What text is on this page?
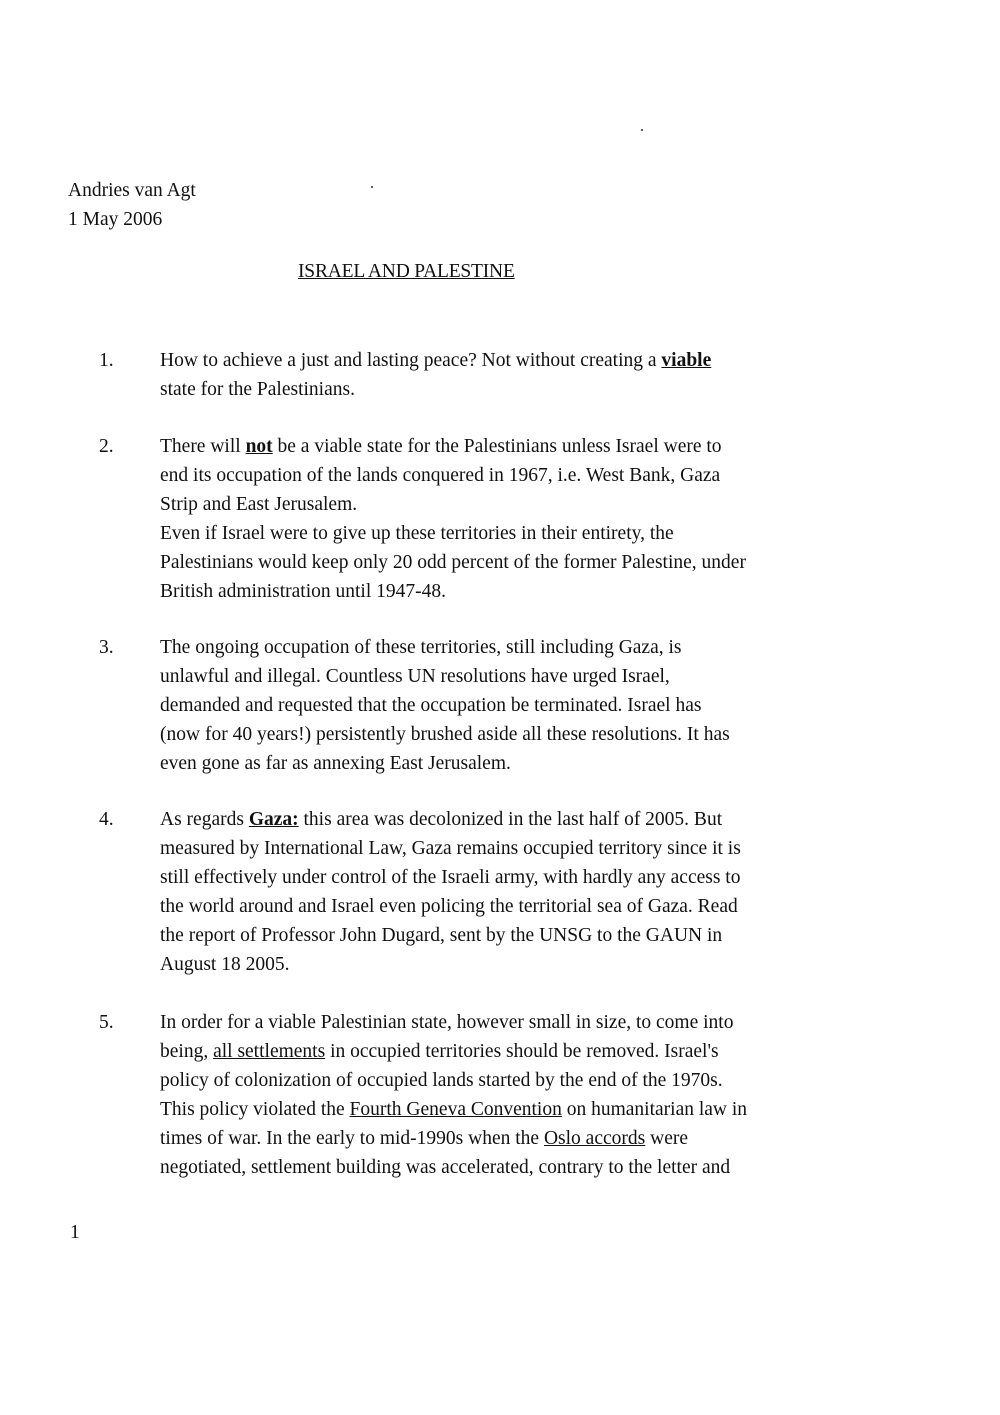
Andries van Agt
1 May 2006
ISRAEL AND PALESTINE
1. How to achieve a just and lasting peace? Not without creating a viable
state for the Palestinians.
2. There will not be a viable state for the Palestinians unless Israel were to
end its occupation of the lands conquered in 1967, i.e. West Bank, Gaza
Strip and East Jerusalem.
Even if Israel were to give up these territories in their entirety, the
Palestinians would keep only 20 odd percent of the former Palestine, under
British administration until 1947-48.
3. The ongoing occupation of these territories, still including Gaza, is
unlawful and illegal. Countless UN resolutions have urged Israel,
demanded and requested that the occupation be terminated. Israel has
(now for 40 years!) persistently brushed aside all these resolutions. It has
even gone as far as annexing East Jerusalem.
4. As regards Gaza: this area was decolonized in the last half of 2005. But
measured by International Law, Gaza remains occupied territory since it is
still effectively under control of the Israeli army, with hardly any access to
the world around and Israel even policing the territorial sea of Gaza. Read
the report of Professor John Dugard, sent by the UNSG to the GAUN in
August 18 2005.
5. In order for a viable Palestinian state, however small in size, to come into
being, all settlements in occupied territories should be removed. Israel's
policy of colonization of occupied lands started by the end of the 1970s.
This policy violated the Fourth Geneva Convention on humanitarian law in
times of war. In the early to mid-1990s when the Oslo accords were
negotiated, settlement building was accelerated, contrary to the letter and
1
